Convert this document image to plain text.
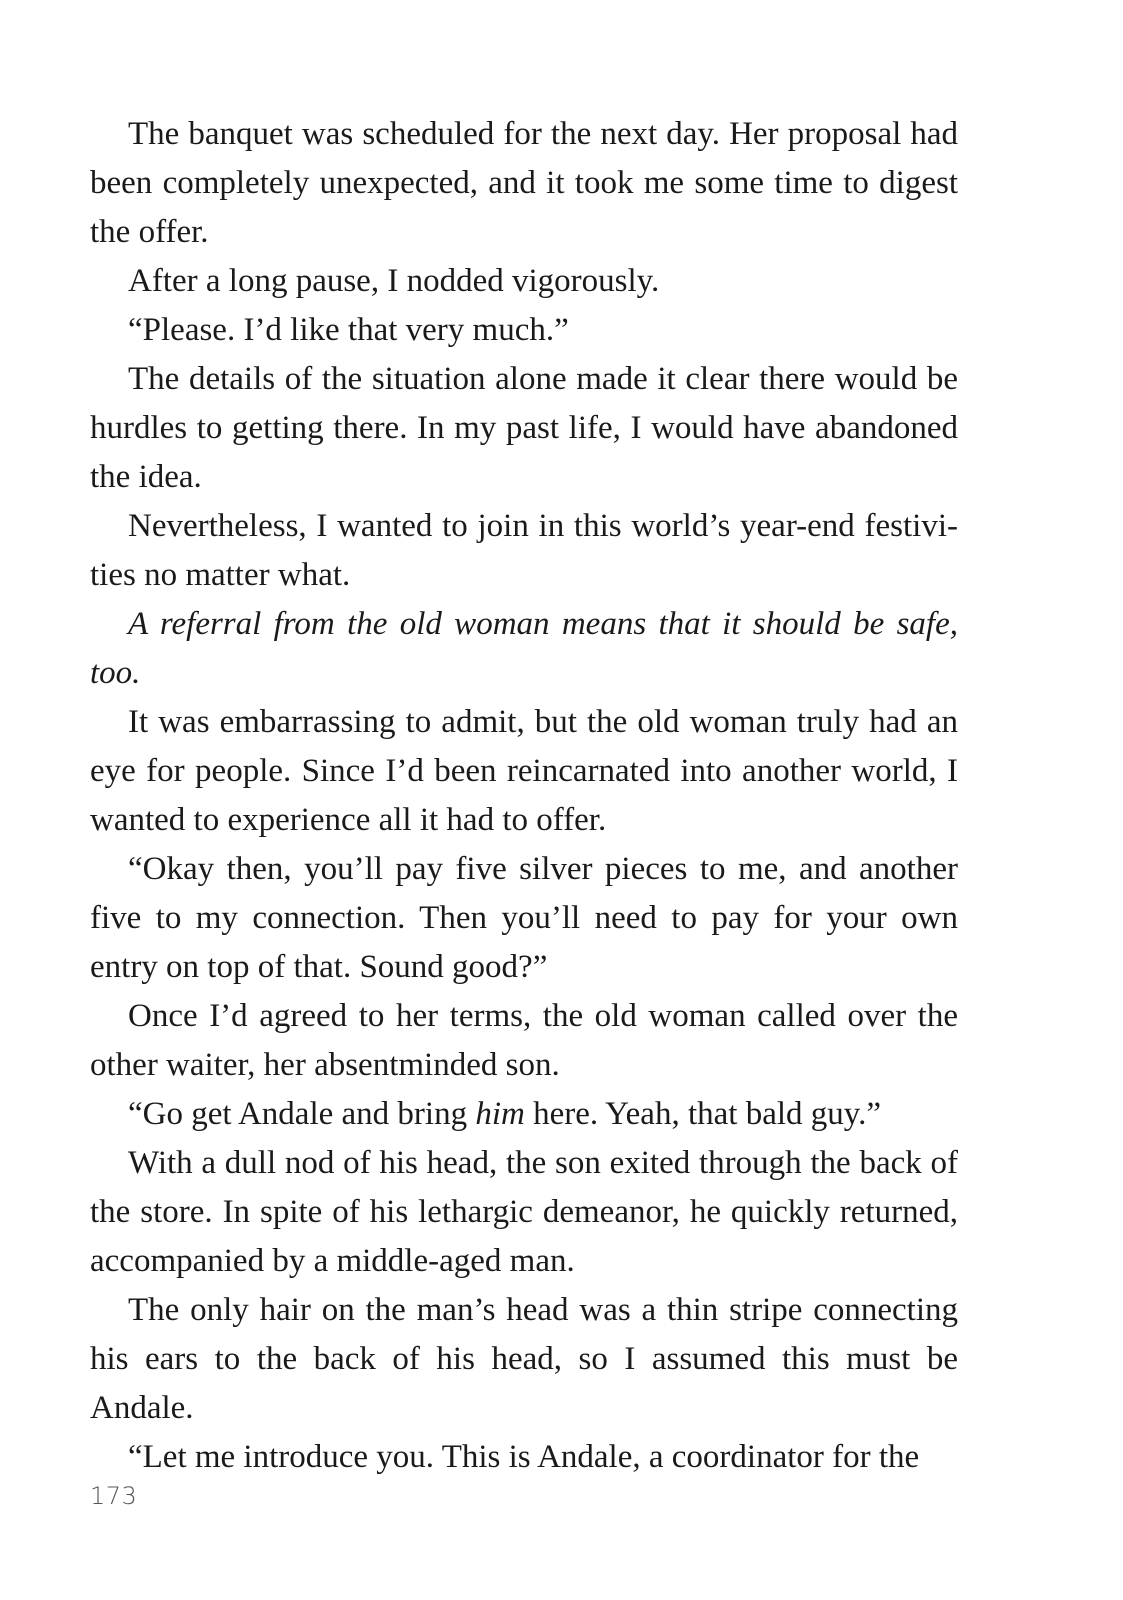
The banquet was scheduled for the next day. Her proposal had been completely unexpected, and it took me some time to digest the offer.

After a long pause, I nodded vigorously.

“Please. I’d like that very much.”

The details of the situation alone made it clear there would be hurdles to getting there. In my past life, I would have abandoned the idea.

Nevertheless, I wanted to join in this world’s year-end festivities no matter what.

A referral from the old woman means that it should be safe, too.

It was embarrassing to admit, but the old woman truly had an eye for people. Since I’d been reincarnated into another world, I wanted to experience all it had to offer.

“Okay then, you’ll pay five silver pieces to me, and another five to my connection. Then you’ll need to pay for your own entry on top of that. Sound good?”

Once I’d agreed to her terms, the old woman called over the other waiter, her absentminded son.

“Go get Andale and bring him here. Yeah, that bald guy.”

With a dull nod of his head, the son exited through the back of the store. In spite of his lethargic demeanor, he quickly returned, accompanied by a middle-aged man.

The only hair on the man’s head was a thin stripe connecting his ears to the back of his head, so I assumed this must be Andale.

“Let me introduce you. This is Andale, a coordinator for the

173
